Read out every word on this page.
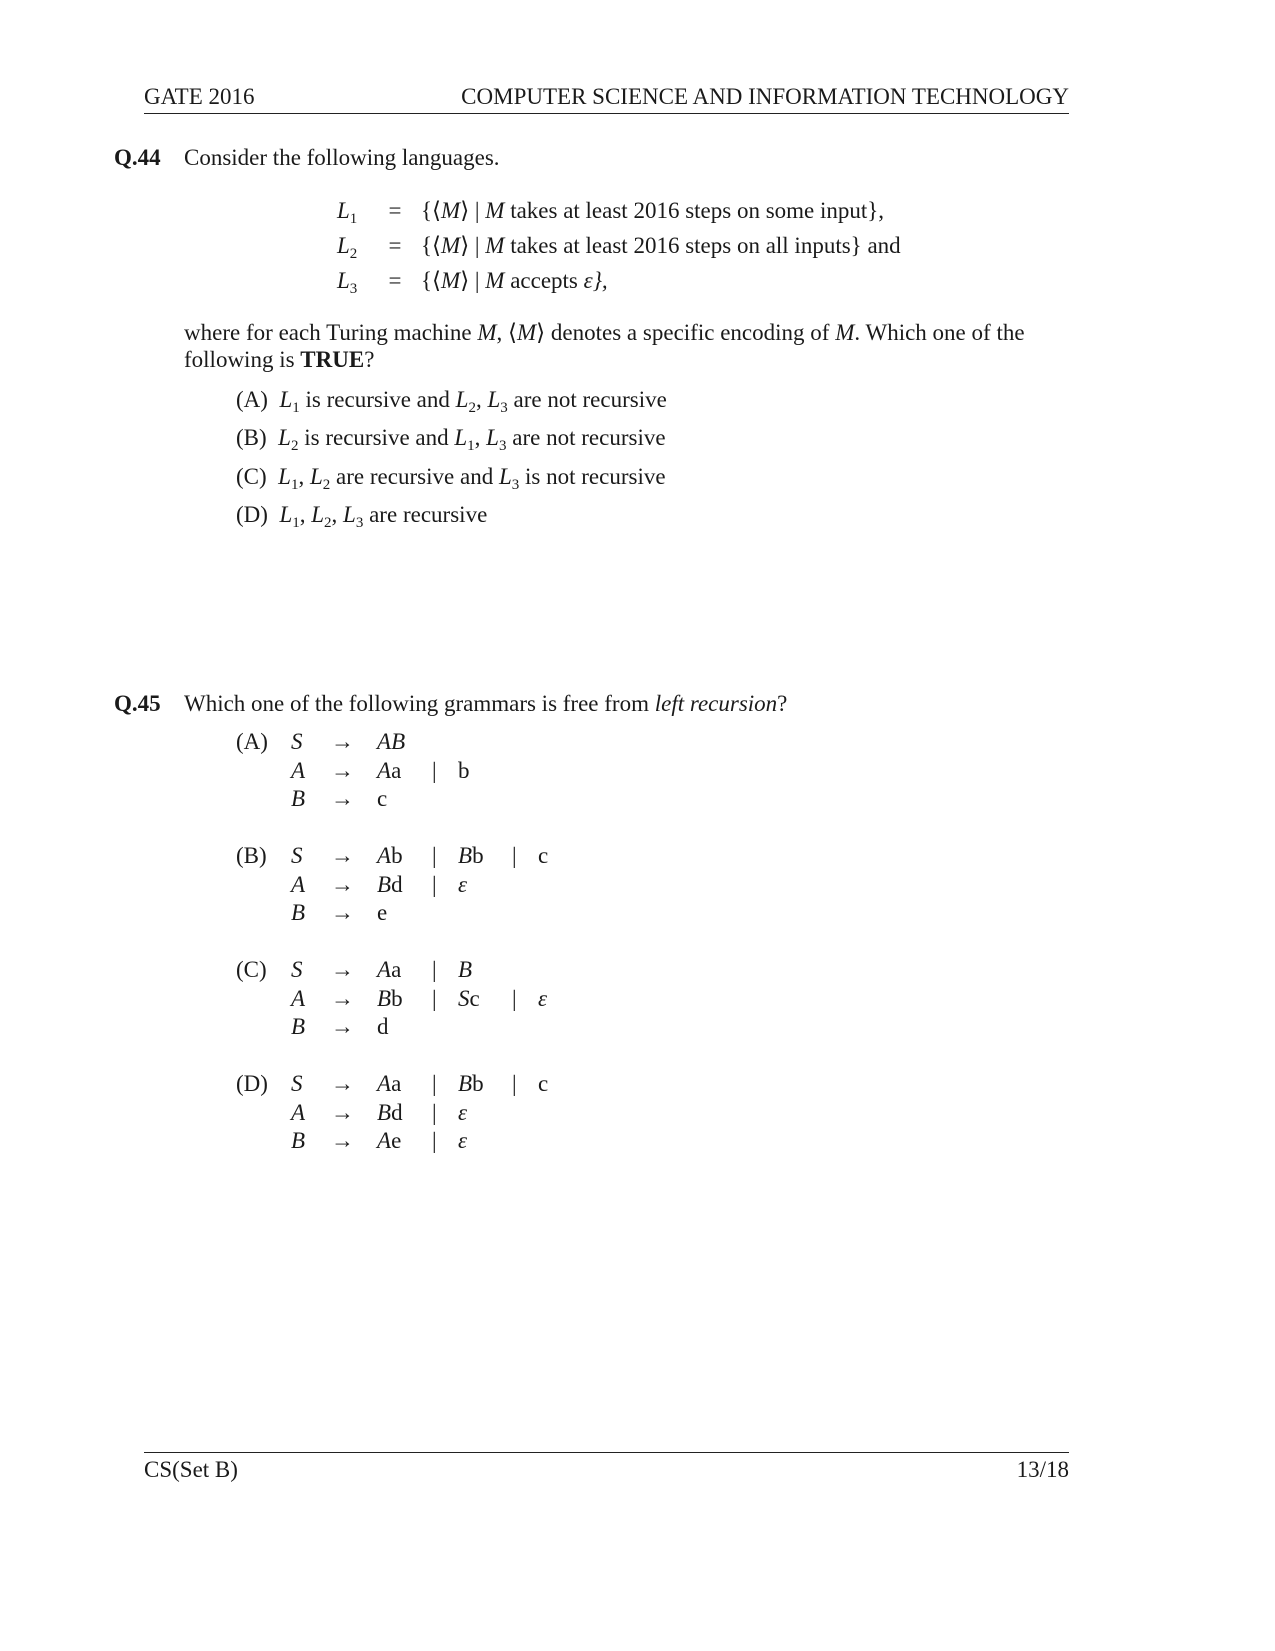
GATE 2016	COMPUTER SCIENCE AND INFORMATION TECHNOLOGY
Q.44 Consider the following languages.
$L_1$	= {⟨M⟩ | M takes at least 2016 steps on some input},
$L_2$	= {⟨M⟩ | M takes at least 2016 steps on all inputs} and
$L_3$	= {⟨M⟩ | M accepts ε},
where for each Turing machine M, ⟨M⟩ denotes a specific encoding of M. Which one of the
following is TRUE?
(A) $L_1$ is recursive and $L_2$, $L_3$ are not recursive
(B) $L_2$ is recursive and $L_1$, $L_3$ are not recursive
(C) $L_1$, $L_2$ are recursive and $L_3$ is not recursive
(D) $L_1$, $L_2$, $L_3$ are recursive
Q.45 Which one of the following grammars is free from left recursion?
(A) S → AB
A → Aa | b
B → c
(B) S → Ab | Bb | c
A → Bd | ε
B → e
(C) S → Aa | B
A → Bb | Sc | ε
B → d
(D) S → Aa | Bb | c
A → Bd | ε
B → Ae | ε
CS(Set B)	13/18
